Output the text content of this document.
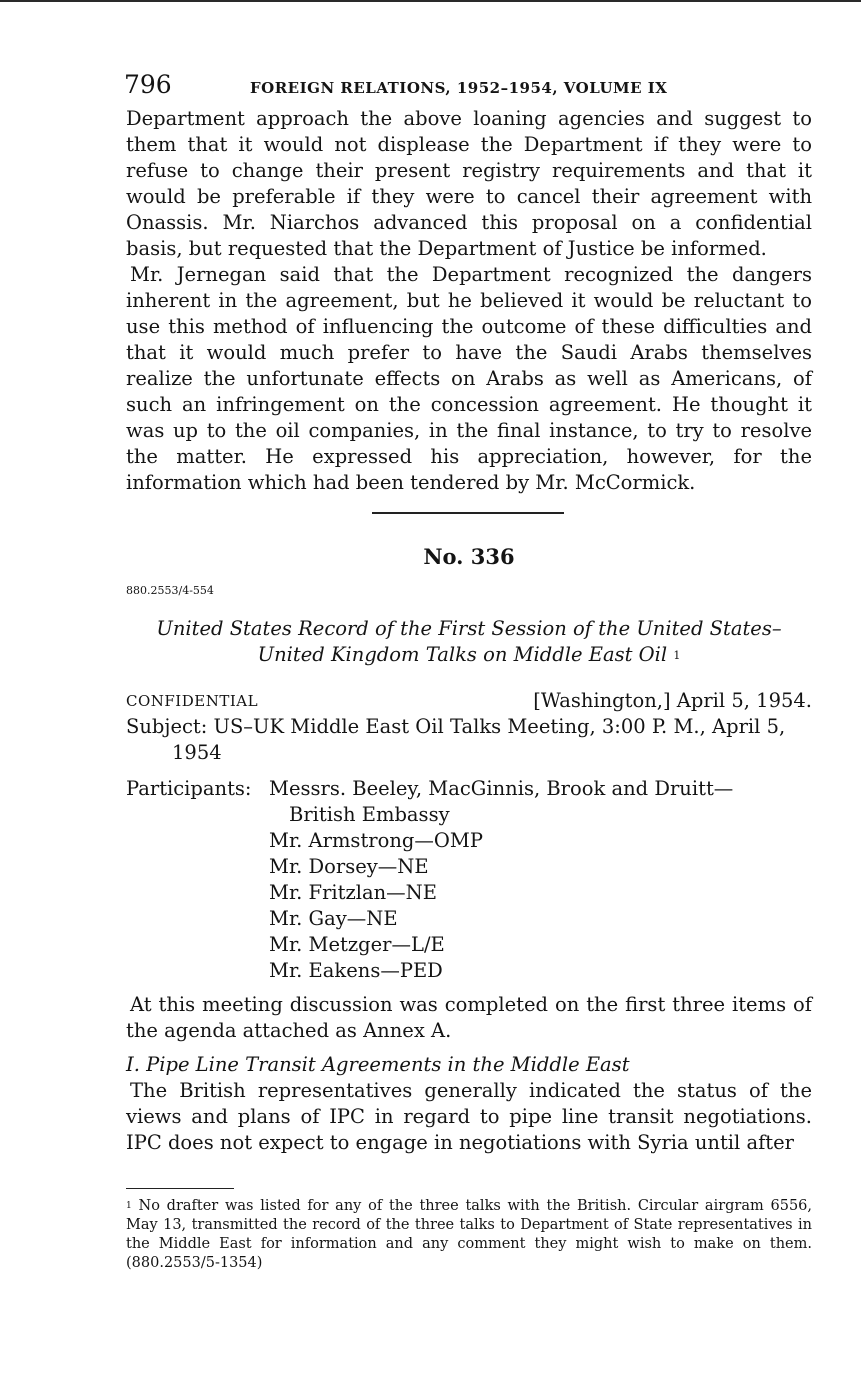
796	FOREIGN RELATIONS, 1952–1954, VOLUME IX

Department approach the above loaning agencies and suggest to them that it would not displease the Department if they were to refuse to change their present registry requirements and that it would be preferable if they were to cancel their agreement with Onassis. Mr. Niarchos advanced this proposal on a confidential basis, but requested that the Department of Justice be informed.

Mr. Jernegan said that the Department recognized the dangers inherent in the agreement, but he believed it would be reluctant to use this method of influencing the outcome of these difficulties and that it would much prefer to have the Saudi Arabs themselves realize the unfortunate effects on Arabs as well as Americans, of such an infringement on the concession agreement. He thought it was up to the oil companies, in the final instance, to try to resolve the matter. He expressed his appreciation, however, for the information which had been tendered by Mr. McCormick.

No. 336
880.2553/4-554
United States Record of the First Session of the United States–
United Kingdom Talks on Middle East Oil $^1$
CONFIDENTIAL	[Washington,] April 5, 1954.
Subject: US–UK Middle East Oil Talks Meeting, 3:00 P. M., April 5,
1954
Participants: Messrs. Beeley, MacGinnis, Brook and Druitt—
British Embassy
Mr. Armstrong—OMP
Mr. Dorsey—NE
Mr. Fritzlan—NE
Mr. Gay—NE
Mr. Metzger—L/E
Mr. Eakens—PED

At this meeting discussion was completed on the first three items of the agenda attached as Annex A.

I. Pipe Line Transit Agreements in the Middle East

The British representatives generally indicated the status of the views and plans of IPC in regard to pipe line transit negotiations. IPC does not expect to engage in negotiations with Syria until after

$^1$ No drafter was listed for any of the three talks with the British. Circular airgram 6556, May 13, transmitted the record of the three talks to Department of State representatives in the Middle East for information and any comment they might wish to make on them. (880.2553/5-1354)
